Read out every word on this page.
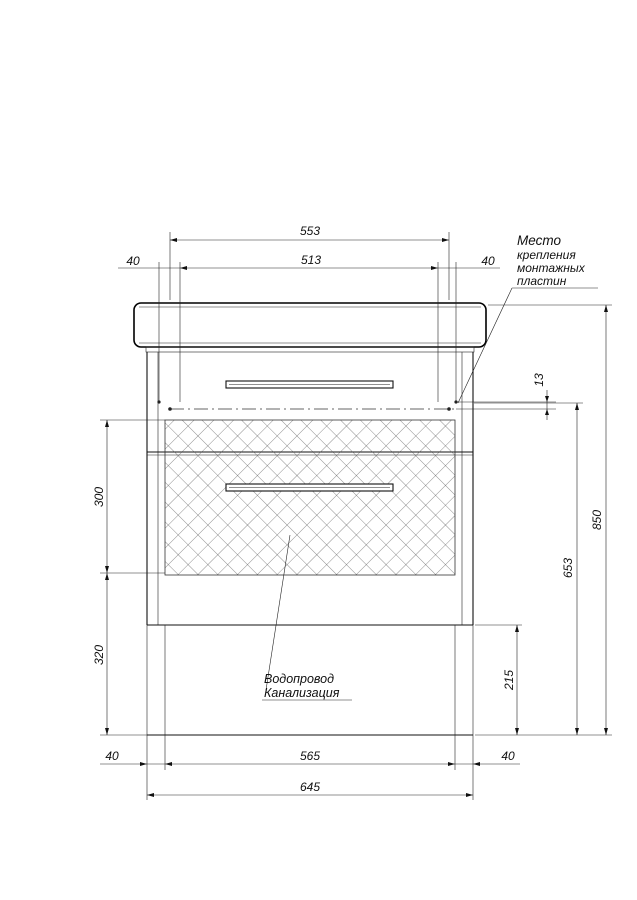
553
513
40	40
Место
крепления
монтажных
пластин
13
850
653
215
300
320
40	565	40
645
Водопровод
Канализация
